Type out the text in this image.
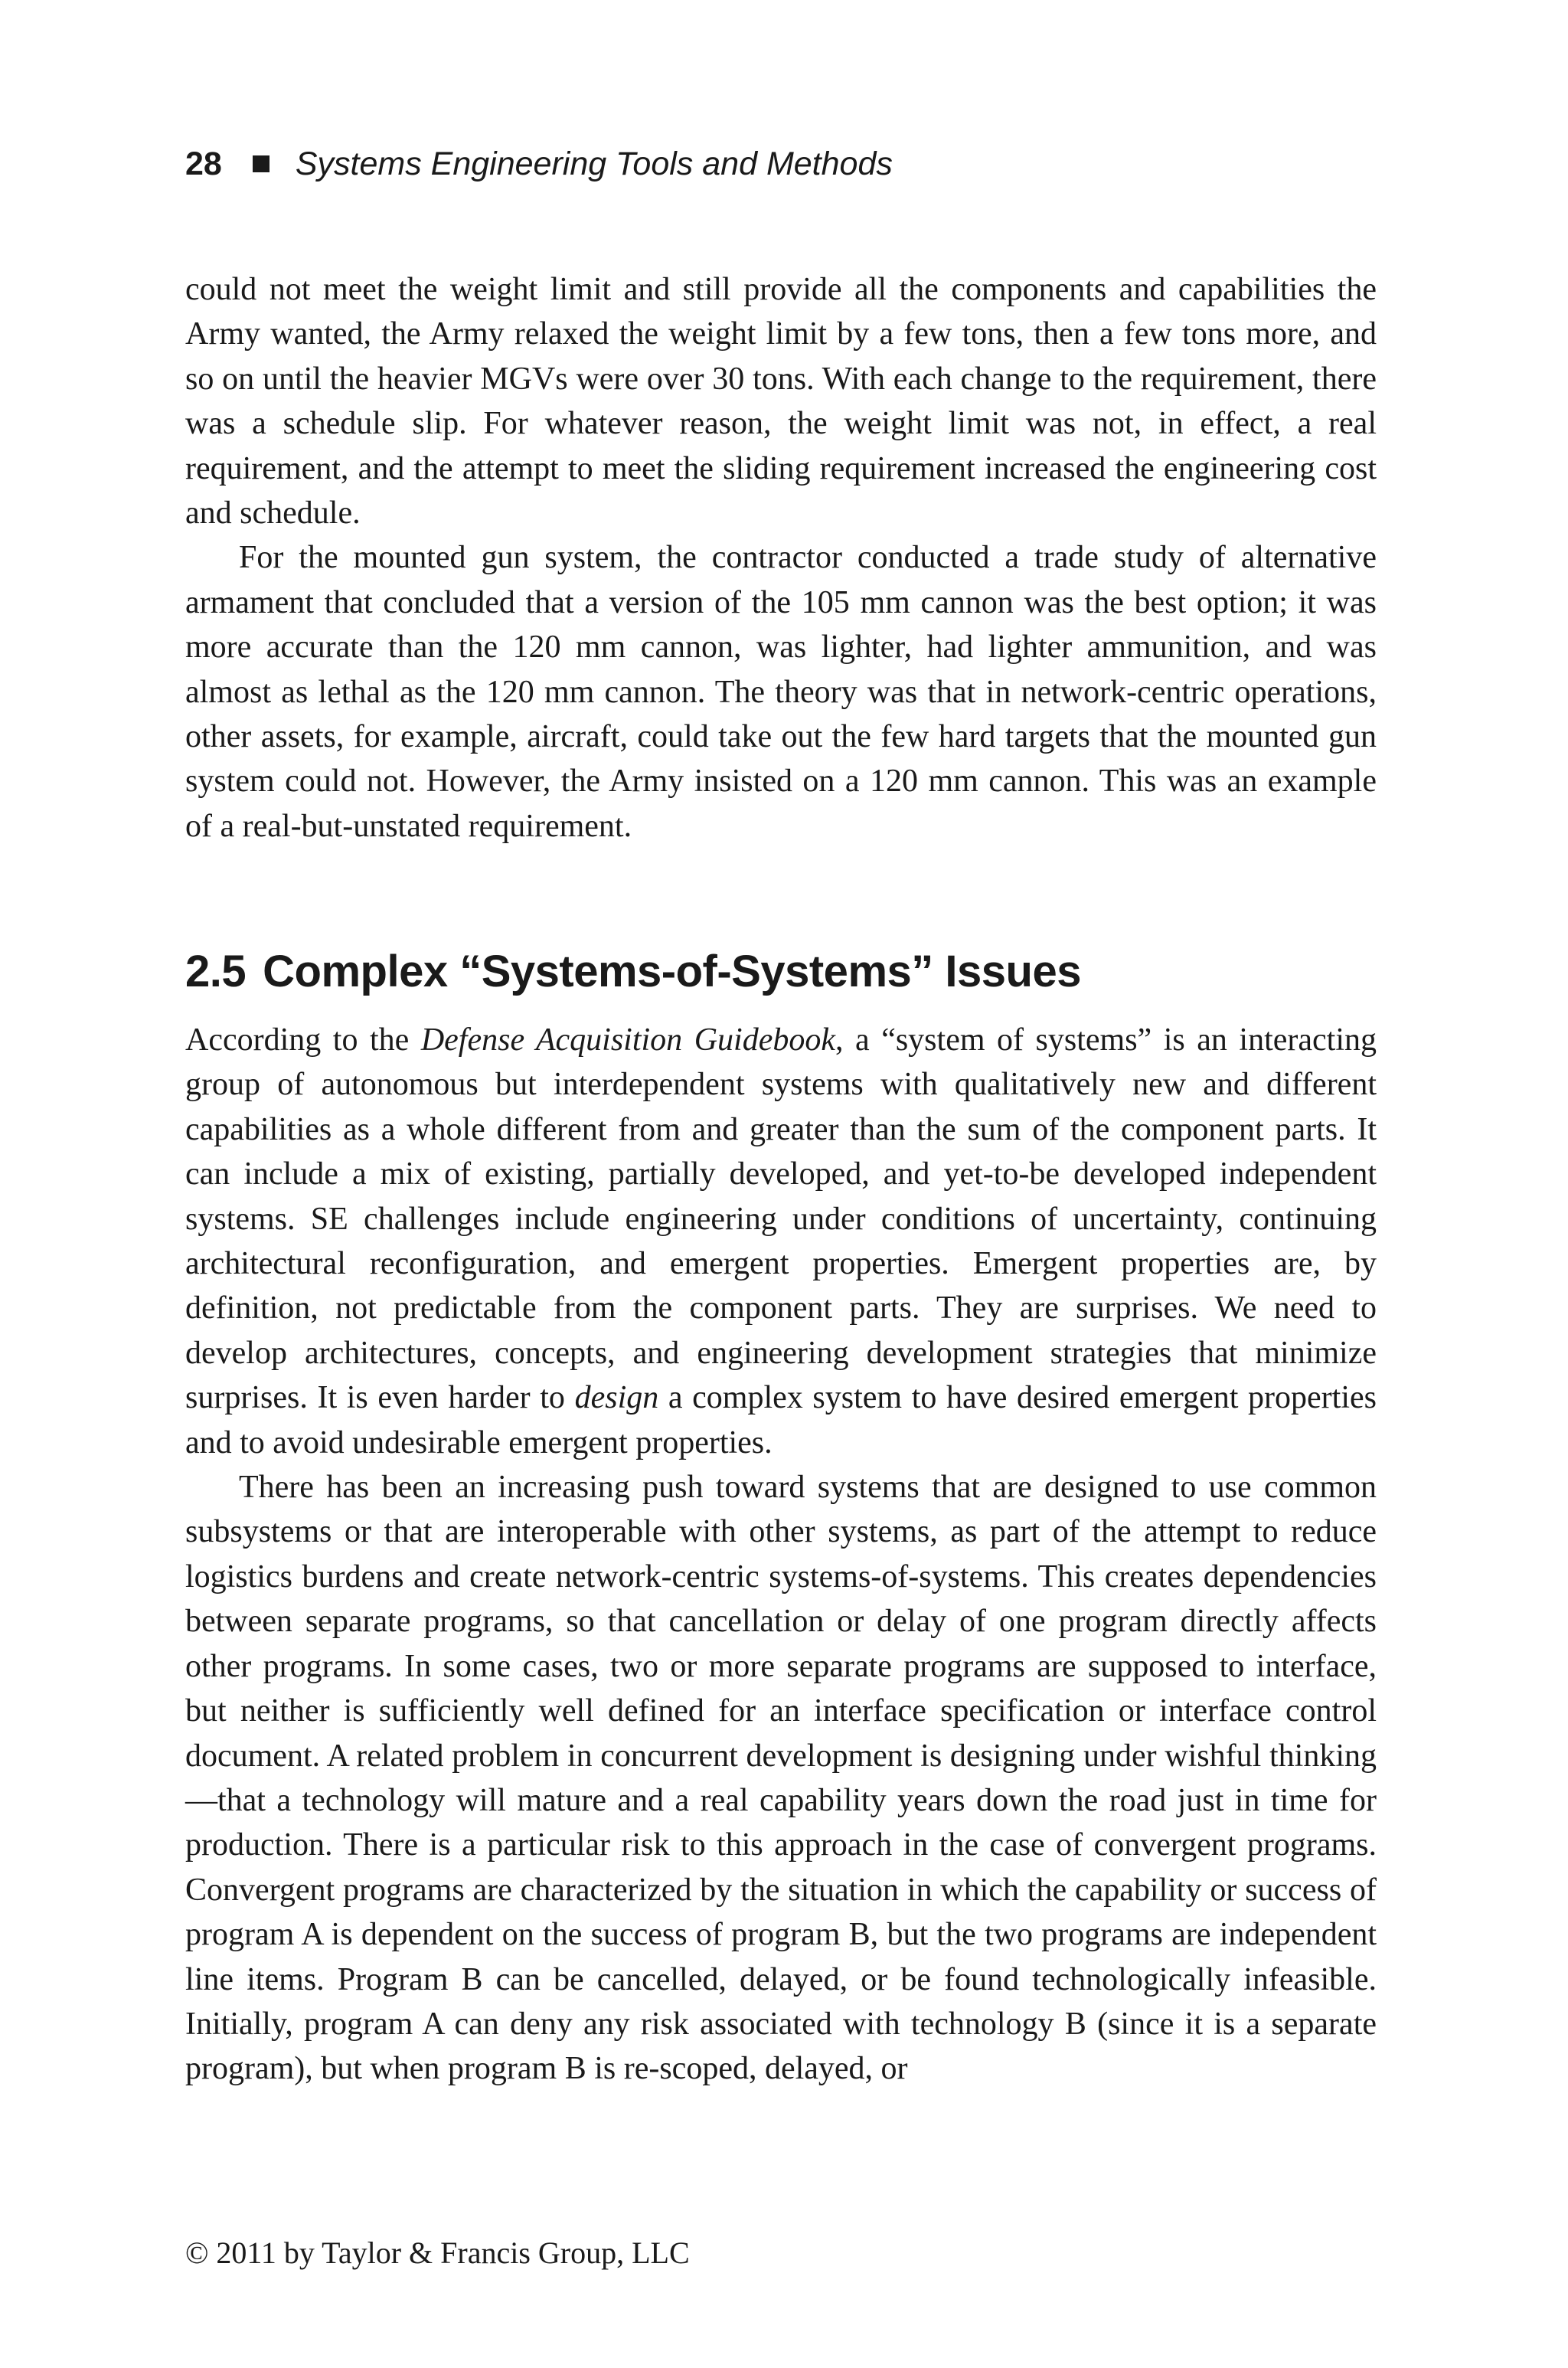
28 Systems Engineering Tools and Methods

could not meet the weight limit and still provide all the components and capabilities the Army wanted, the Army relaxed the weight limit by a few tons, then a few tons more, and so on until the heavier MGVs were over 30 tons. With each change to the requirement, there was a schedule slip. For whatever reason, the weight limit was not, in effect, a real requirement, and the attempt to meet the sliding requirement increased the engineering cost and schedule.

For the mounted gun system, the contractor conducted a trade study of alternative armament that concluded that a version of the 105 mm cannon was the best option; it was more accurate than the 120 mm cannon, was lighter, had lighter ammunition, and was almost as lethal as the 120 mm cannon. The theory was that in network-centric operations, other assets, for example, aircraft, could take out the few hard targets that the mounted gun system could not. However, the Army insisted on a 120 mm cannon. This was an example of a real-but-unstated requirement.

2.5 Complex “Systems-of-Systems” Issues

According to the Defense Acquisition Guidebook, a “system of systems” is an interacting group of autonomous but interdependent systems with qualitatively new and different capabilities as a whole different from and greater than the sum of the component parts. It can include a mix of existing, partially developed, and yet-to-be developed independent systems. SE challenges include engineering under conditions of uncertainty, continuing architectural reconfiguration, and emergent properties. Emergent properties are, by definition, not predictable from the component parts. They are surprises. We need to develop architectures, concepts, and engineering development strategies that minimize surprises. It is even harder to design a complex system to have desired emergent properties and to avoid undesirable emergent properties.

There has been an increasing push toward systems that are designed to use common subsystems or that are interoperable with other systems, as part of the attempt to reduce logistics burdens and create network-centric systems-of-systems. This creates dependencies between separate programs, so that cancellation or delay of one program directly affects other programs. In some cases, two or more separate programs are supposed to interface, but neither is sufficiently well defined for an interface specification or interface control document. A related problem in concurrent development is designing under wishful thinking—that a technology will mature and a real capability years down the road just in time for production. There is a particular risk to this approach in the case of convergent programs. Convergent programs are characterized by the situation in which the capability or success of program A is dependent on the success of program B, but the two programs are independent line items. Program B can be cancelled, delayed, or be found technologically infeasible. Initially, program A can deny any risk associated with technology B (since it is a separate program), but when program B is re-scoped, delayed, or

© 2011 by Taylor & Francis Group, LLC
